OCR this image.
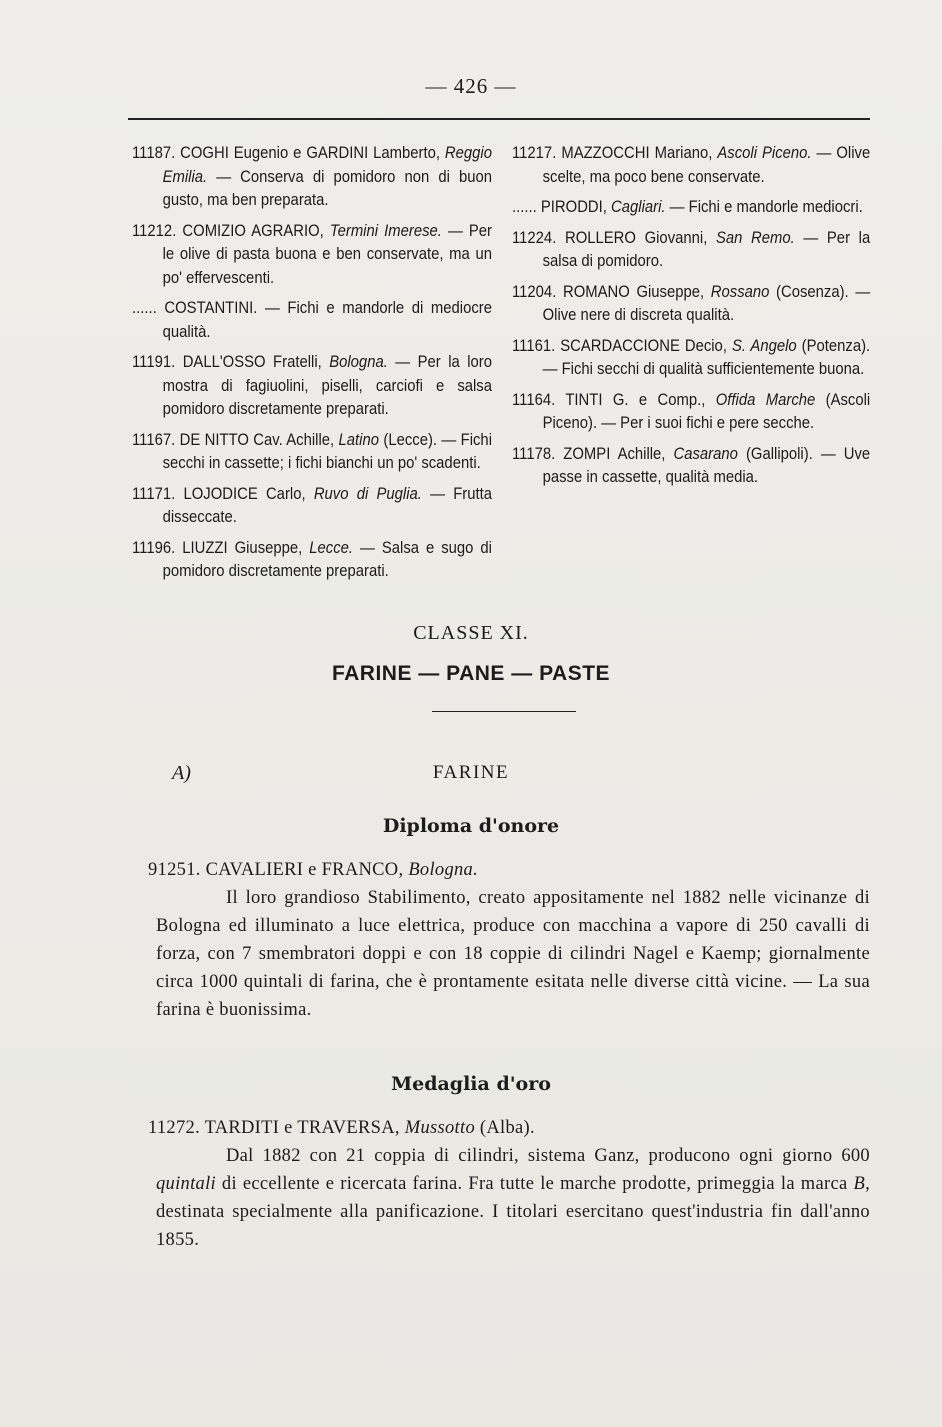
— 426 —
11187. COGHI Eugenio e GARDINI Lamberto, Reggio Emilia. — Conserva di pomidoro non di buon gusto, ma ben preparata.
11212. COMIZIO AGRARIO, Termini Imerese. — Per le olive di pasta buona e ben conservate, ma un po' effervescenti.
...... COSTANTINI. — Fichi e mandorle di mediocre qualità.
11191. DALL'OSSO Fratelli, Bologna. — Per la loro mostra di fagiuolini, piselli, carciofi e salsa pomidoro discretamente preparati.
11167. DE NITTO Cav. Achille, Latino (Lecce). — Fichi secchi in cassette; i fichi bianchi un po' scadenti.
11171. LOJODICE Carlo, Ruvo di Puglia. — Frutta disseccate.
11196. LIUZZI Giuseppe, Lecce. — Salsa e sugo di pomidoro discretamente preparati.
11217. MAZZOCCHI Mariano, Ascoli Piceno. — Olive scelte, ma poco bene conservate.
...... PIRODDI, Cagliari. — Fichi e mandorle mediocri.
11224. ROLLERO Giovanni, San Remo. — Per la salsa di pomidoro.
11204. ROMANO Giuseppe, Rossano (Cosenza). — Olive nere di discreta qualità.
11161. SCARDACCIONE Decio, S. Angelo (Potenza). — Fichi secchi di qualità sufficientemente buona.
11164. TINTI G. e Comp., Offida Marche (Ascoli Piceno). — Per i suoi fichi e pere secche.
11178. ZOMPI Achille, Casarano (Gallipoli). — Uve passe in cassette, qualità media.
CLASSE XI.
FARINE — PANE — PASTE
A)	FARINE
Diploma d'onore
91251. CAVALIERI e FRANCO, Bologna.
Il loro grandioso Stabilimento, creato appositamente nel 1882 nelle vicinanze di Bologna ed illuminato a luce elettrica, produce con macchina a vapore di 250 cavalli di forza, con 7 smembratori doppi e con 18 coppie di cilindri Nagel e Kaemp; giornalmente circa 1000 quintali di farina, che è prontamente esitata nelle diverse città vicine. — La sua farina è buonissima.
Medaglia d'oro
11272. TARDITI e TRAVERSA, Mussotto (Alba).
Dal 1882 con 21 coppia di cilindri, sistema Ganz, producono ogni giorno 600 quintali di eccellente e ricercata farina. Fra tutte le marche prodotte, primeggia la marca B, destinata specialmente alla panificazione. I titolari esercitano quest'industria fin dall'anno 1855.
